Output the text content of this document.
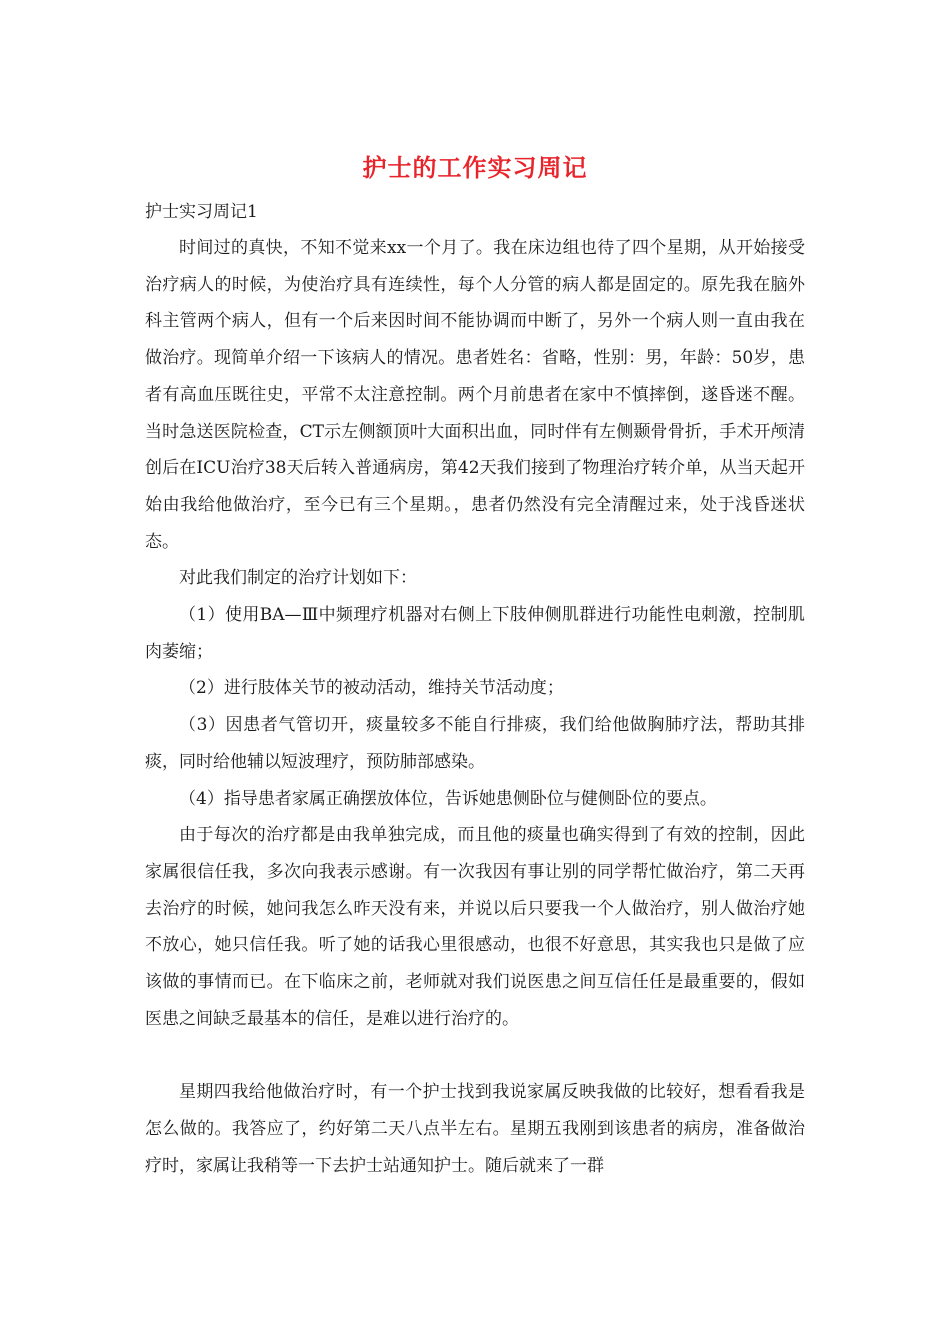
护士的工作实习周记
护士实习周记1

时间过的真快，不知不觉来xx一个月了。我在床边组也待了四个星期，从开始接受治疗病人的时候，为使治疗具有连续性，每个人分管的病人都是固定的。原先我在脑外科主管两个病人，但有一个后来因时间不能协调而中断了，另外一个病人则一直由我在做治疗。现简单介绍一下该病人的情况。患者姓名：省略，性别：男，年龄：50岁，患者有高血压既往史，平常不太注意控制。两个月前患者在家中不慎摔倒，遂昏迷不醒。当时急送医院检查，CT示左侧额顶叶大面积出血，同时伴有左侧颞骨骨折，手术开颅清创后在ICU治疗38天后转入普通病房，第42天我们接到了物理治疗转介单，从当天起开始由我给他做治疗，至今已有三个星期。，患者仍然没有完全清醒过来，处于浅昏迷状态。

对此我们制定的治疗计划如下：

（1）使用BA—Ⅲ中频理疗机器对右侧上下肢伸侧肌群进行功能性电刺激，控制肌肉萎缩；

（2）进行肢体关节的被动活动，维持关节活动度；

（3）因患者气管切开，痰量较多不能自行排痰，我们给他做胸肺疗法，帮助其排痰，同时给他辅以短波理疗，预防肺部感染。

（4）指导患者家属正确摆放体位，告诉她患侧卧位与健侧卧位的要点。

由于每次的治疗都是由我单独完成，而且他的痰量也确实得到了有效的控制，因此家属很信任我，多次向我表示感谢。有一次我因有事让别的同学帮忙做治疗，第二天再去治疗的时候，她问我怎么昨天没有来，并说以后只要我一个人做治疗，别人做治疗她不放心，她只信任我。听了她的话我心里很感动，也很不好意思，其实我也只是做了应该做的事情而已。在下临床之前，老师就对我们说医患之间互信任任是最重要的，假如医患之间缺乏最基本的信任，是难以进行治疗的。

星期四我给他做治疗时，有一个护士找到我说家属反映我做的比较好，想看看我是怎么做的。我答应了，约好第二天八点半左右。星期五我刚到该患者的病房，准备做治疗时，家属让我稍等一下去护士站通知护士。随后就来了一群
